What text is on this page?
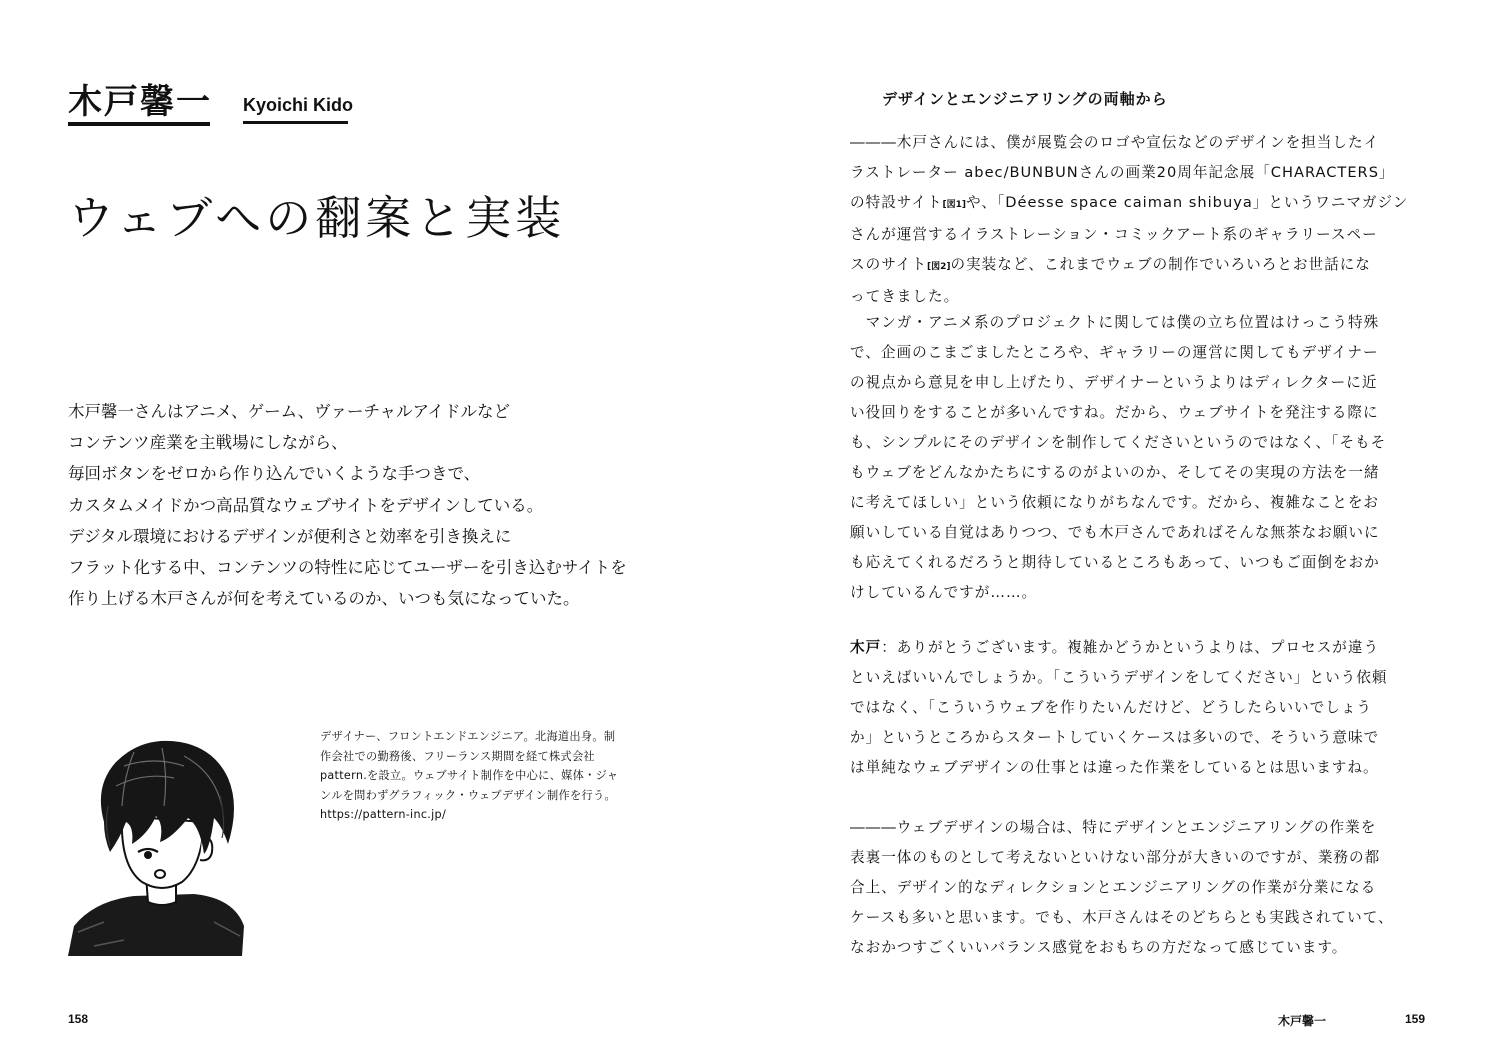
木戸馨一 Kyoichi Kido
ウェブへの翻案と実装

木戸馨一さんはアニメ、ゲーム、ヴァーチャルアイドルなど

コンテンツ産業を主戦場にしながら、

毎回ボタンをゼロから作り込んでいくような手つきで、

カスタムメイドかつ高品質なウェブサイトをデザインしている。

デジタル環境におけるデザインが便利さと効率を引き換えに

フラット化する中、コンテンツの特性に応じてユーザーを引き込むサイトを

作り上げる木戸さんが何を考えているのか、いつも気になっていた。

デザイナー、フロントエンドエンジニア。北海道出身。制
作会社での勤務後、フリーランス期間を経て株式会社
pattern.を設立。ウェブサイト制作を中心に、媒体・ジャ
ンルを問わずグラフィック・ウェブデザイン制作を行う。
https://pattern-inc.jp/

158

デザインとエンジニアリングの両軸から
―――木戸さんには、僕が展覧会のロゴや宣伝などのデザインを担当したイ
ラストレーター abec/BUNBUNさんの画業20周年記念展「CHARACTERS」
の特設サイト[図1]や、「Déesse space caiman shibuya」というワニマガジン
さんが運営するイラストレーション・コミックアート系のギャラリースペー
スのサイト[図2]の実装など、これまでウェブの制作でいろいろとお世話にな
ってきました。
　マンガ・アニメ系のプロジェクトに関しては僕の立ち位置はけっこう特殊
で、企画のこまごましたところや、ギャラリーの運営に関してもデザイナー
の視点から意見を申し上げたり、デザイナーというよりはディレクターに近
い役回りをすることが多いんですね。だから、ウェブサイトを発注する際に
も、シンプルにそのデザインを制作してくださいというのではなく、「そもそ
もウェブをどんなかたちにするのがよいのか、そしてその実現の方法を一緒
に考えてほしい」という依頼になりがちなんです。だから、複雑なことをお
願いしている自覚はありつつ、でも木戸さんであればそんな無茶なお願いに
も応えてくれるだろうと期待しているところもあって、いつもご面倒をおか
けしているんですが……。
木戸：ありがとうございます。複雑かどうかというよりは、プロセスが違う
といえばいいんでしょうか。「こういうデザインをしてください」という依頼
ではなく、「こういうウェブを作りたいんだけど、どうしたらいいでしょう
か」というところからスタートしていくケースは多いので、そういう意味で
は単純なウェブデザインの仕事とは違った作業をしているとは思いますね。
―――ウェブデザインの場合は、特にデザインとエンジニアリングの作業を
表裏一体のものとして考えないといけない部分が大きいのですが、業務の都
合上、デザイン的なディレクションとエンジニアリングの作業が分業になる
ケースも多いと思います。でも、木戸さんはそのどちらとも実践されていて、
なおかつすごくいいバランス感覚をおもちの方だなって感じています。

木戸馨一	159
